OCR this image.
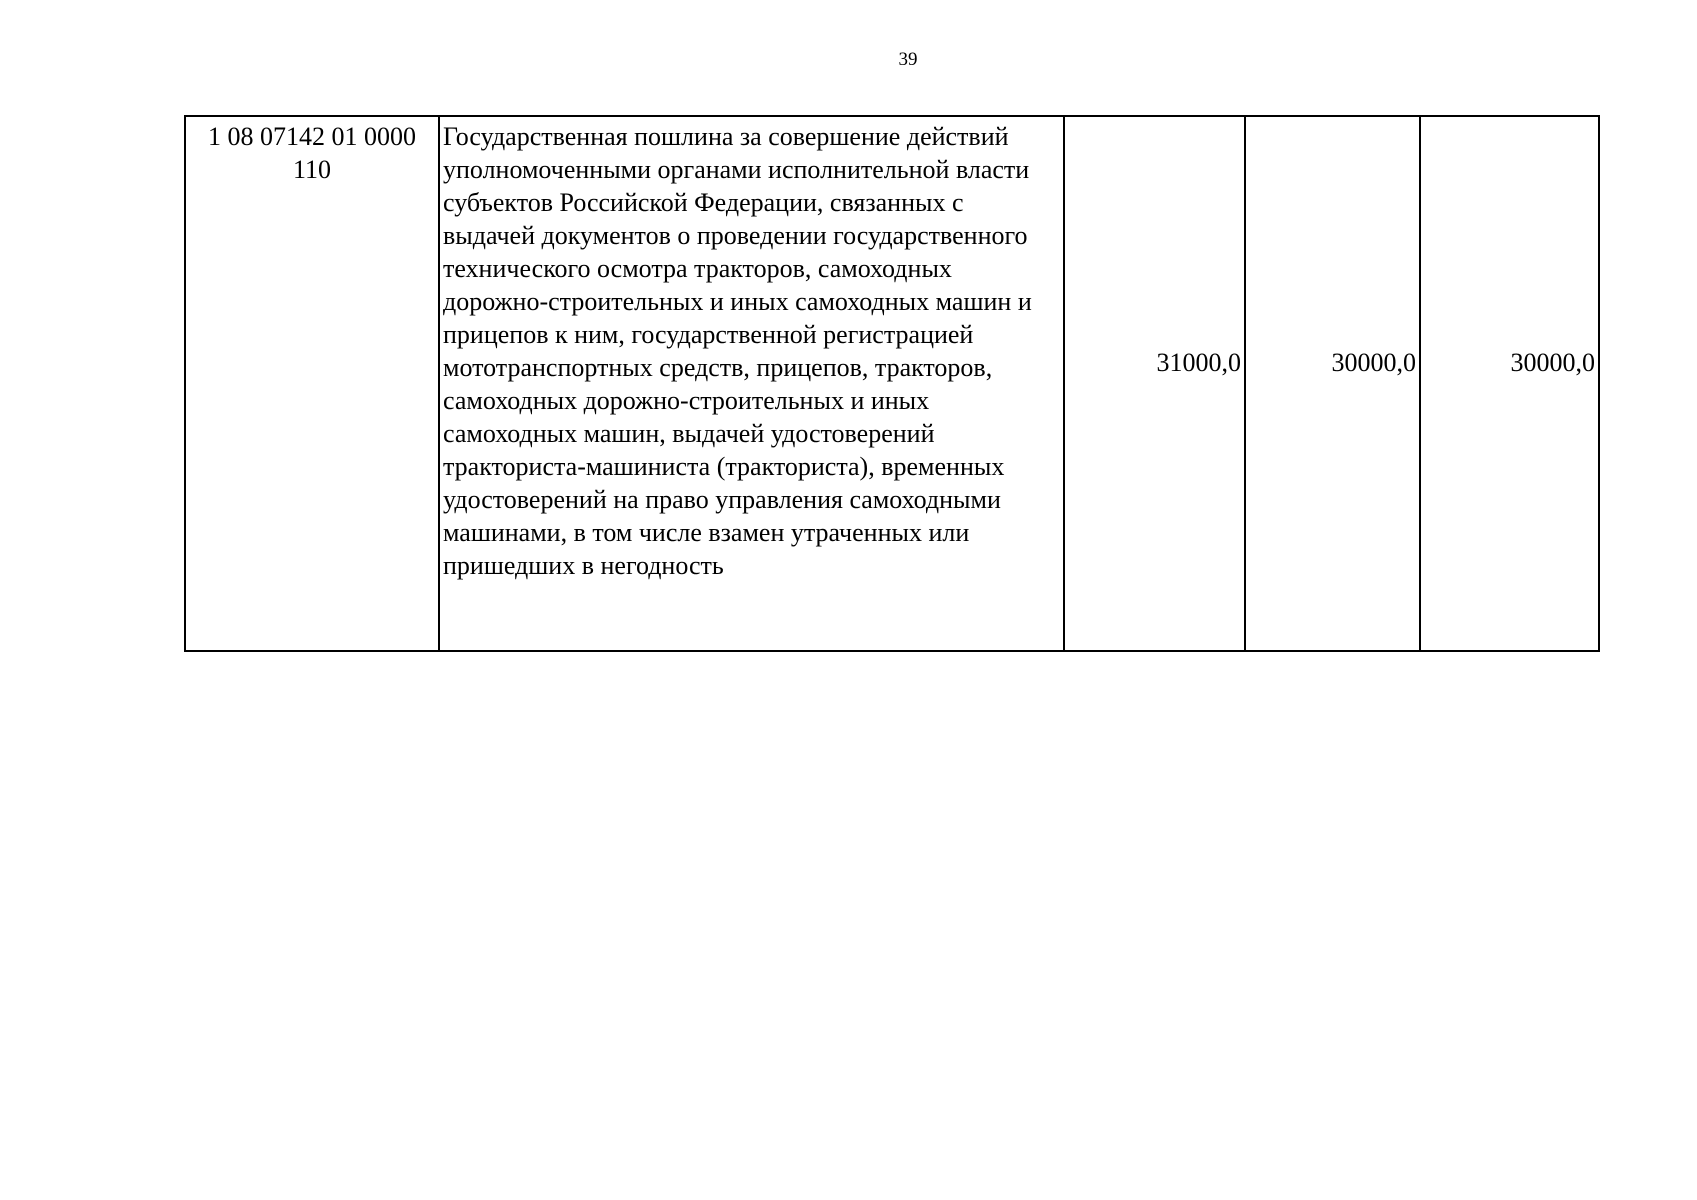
39
1 08 07142 01 0000 110	Государственная пошлина за совершение действий уполномоченными органами исполнительной власти субъектов Российской Федерации, связанных с выдачей документов о проведении государственного технического осмотра тракторов, самоходных дорожно-строительных и иных самоходных машин и прицепов к ним, государственной регистрацией мототранспортных средств, прицепов, тракторов, самоходных дорожно-строительных и иных самоходных машин, выдачей удостоверений тракториста-машиниста (тракториста), временных удостоверений на право управления самоходными машинами, в том числе взамен утраченных или пришедших в негодность	31000,0	30000,0	30000,0
